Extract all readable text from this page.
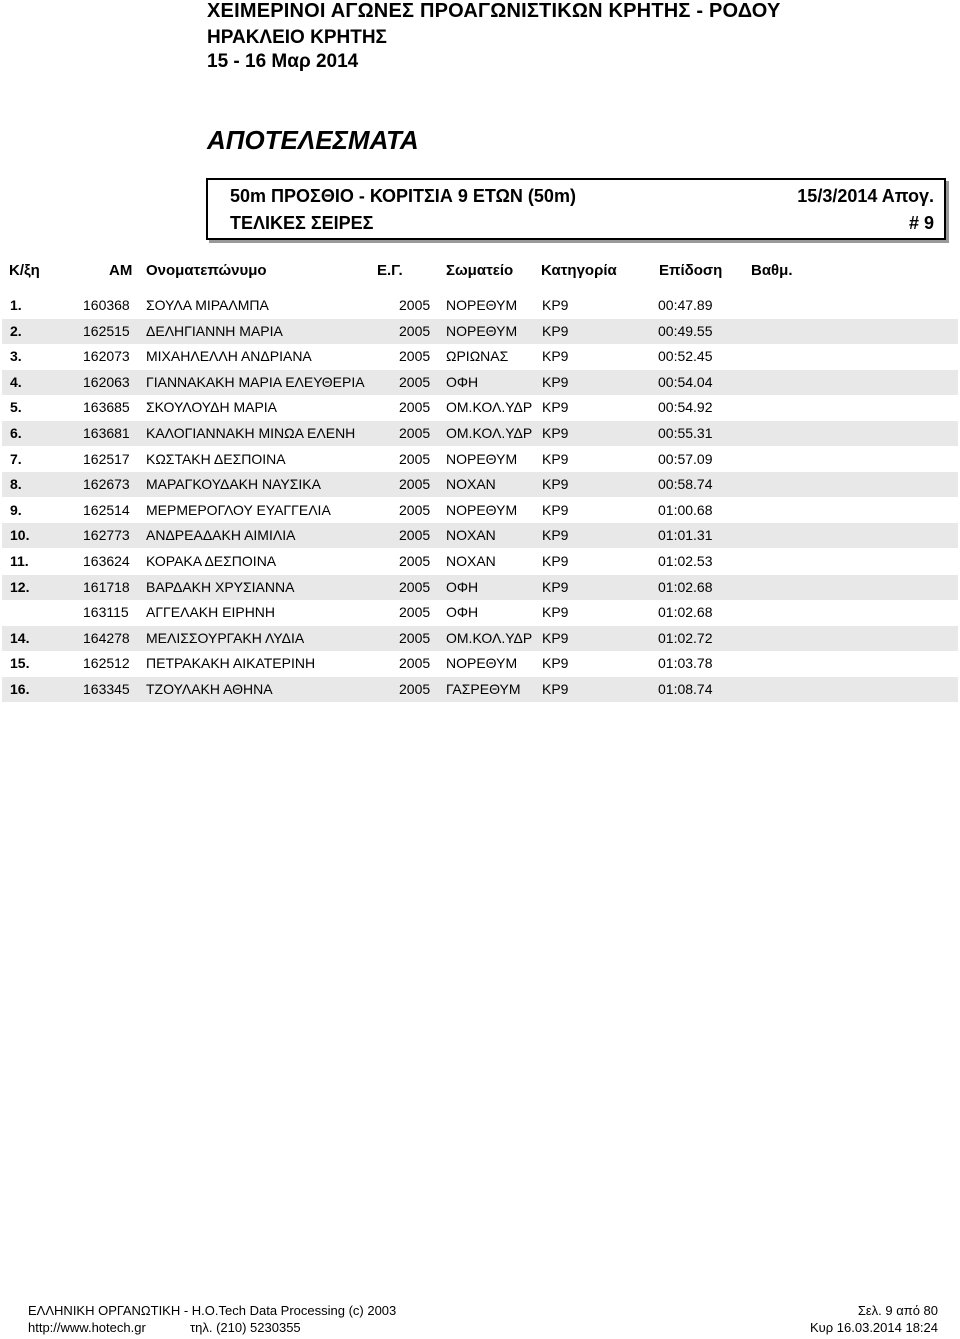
ΧΕΙΜΕΡΙΝΟΙ ΑΓΩΝΕΣ ΠΡΟΑΓΩΝΙΣΤΙΚΩΝ ΚΡΗΤΗΣ - ΡΟΔΟΥ
ΗΡΑΚΛΕΙΟ ΚΡΗΤΗΣ
15 - 16 Μαρ 2014
ΑΠΟΤΕΛΕΣΜΑΤΑ
50m ΠΡΟΣΘΙΟ - ΚΟΡΙΤΣΙΑ 9 ΕΤΩΝ (50m)	15/3/2014 Απογ.
ΤΕΛΙΚΕΣ ΣΕΙΡΕΣ	# 9
Κ/ξη	ΑΜ Ονοματεπώνυμο	Ε.Γ.	Σωματείο Κατηγορία	Επίδοση Βαθμ.
1.	160368 ΣΟΥΛΑ ΜΙΡΑΛΜΠΑ	2005 ΝΟΡΕΘΥΜ ΚΡ9	00:47.89
2.	162515 ΔΕΛΗΓΙΑΝΝΗ ΜΑΡΙΑ	2005 ΝΟΡΕΘΥΜ ΚΡ9	00:49.55
3.	162073 ΜΙΧΑΗΛΕΛΛΗ ΑΝΔΡΙΑΝΑ	2005 ΩΡΙΩΝΑΣ ΚΡ9	00:52.45
4.	162063 ΓΙΑΝΝΑΚΑΚΗ ΜΑΡΙΑ ΕΛΕΥΘΕΡΙΑ 2005 ΟΦΗ	ΚΡ9	00:54.04
5.	163685 ΣΚΟΥΛΟΥΔΗ ΜΑΡΙΑ	2005 ΟΜ.ΚΟΛ.ΥΔΡ ΚΡ9	00:54.92
6.	163681 ΚΑΛΟΓΙΑΝΝΑΚΗ ΜΙΝΩΑ ΕΛΕΝΗ	2005 ΟΜ.ΚΟΛ.ΥΔΡ ΚΡ9	00:55.31
7.	162517 ΚΩΣΤΑΚΗ ΔΕΣΠΟΙΝΑ	2005 ΝΟΡΕΘΥΜ ΚΡ9	00:57.09
8.	162673 ΜΑΡΑΓΚΟΥΔΑΚΗ ΝΑΥΣΙΚΑ	2005 ΝΟΧΑΝ	ΚΡ9	00:58.74
9.	162514 ΜΕΡΜΕΡΟΓΛΟΥ ΕΥΑΓΓΕΛΙΑ	2005 ΝΟΡΕΘΥΜ ΚΡ9	01:00.68
10.	162773 ΑΝΔΡΕΑΔΑΚΗ ΑΙΜΙΛΙΑ	2005 ΝΟΧΑΝ	ΚΡ9	01:01.31
11.	163624 ΚΟΡΑΚΑ ΔΕΣΠΟΙΝΑ	2005 ΝΟΧΑΝ	ΚΡ9	01:02.53
12.	161718 ΒΑΡΔΑΚΗ ΧΡΥΣΙΑΝΝΑ	2005 ΟΦΗ	ΚΡ9	01:02.68
163115 ΑΓΓΕΛΑΚΗ ΕΙΡΗΝΗ	2005 ΟΦΗ	ΚΡ9	01:02.68
14.	164278 ΜΕΛΙΣΣΟΥΡΓΑΚΗ ΛΥΔΙΑ	2005 ΟΜ.ΚΟΛ.ΥΔΡ ΚΡ9	01:02.72
15.	162512 ΠΕΤΡΑΚΑΚΗ ΑΙΚΑΤΕΡΙΝΗ	2005 ΝΟΡΕΘΥΜ ΚΡ9	01:03.78
16.	163345 ΤΖΟΥΛΑΚΗ ΑΘΗΝΑ	2005 ΓΑΣΡΕΘΥΜ ΚΡ9	01:08.74
ΕΛΛΗΝΙΚΗ ΟΡΓΑΝΩΤΙΚΗ - Η.Ο.Tech Data Processing (c) 2003
http://www.hotech.gr	τηλ. (210) 5230355
Σελ. 9 από 80
Κυρ 16.03.2014 18:24
